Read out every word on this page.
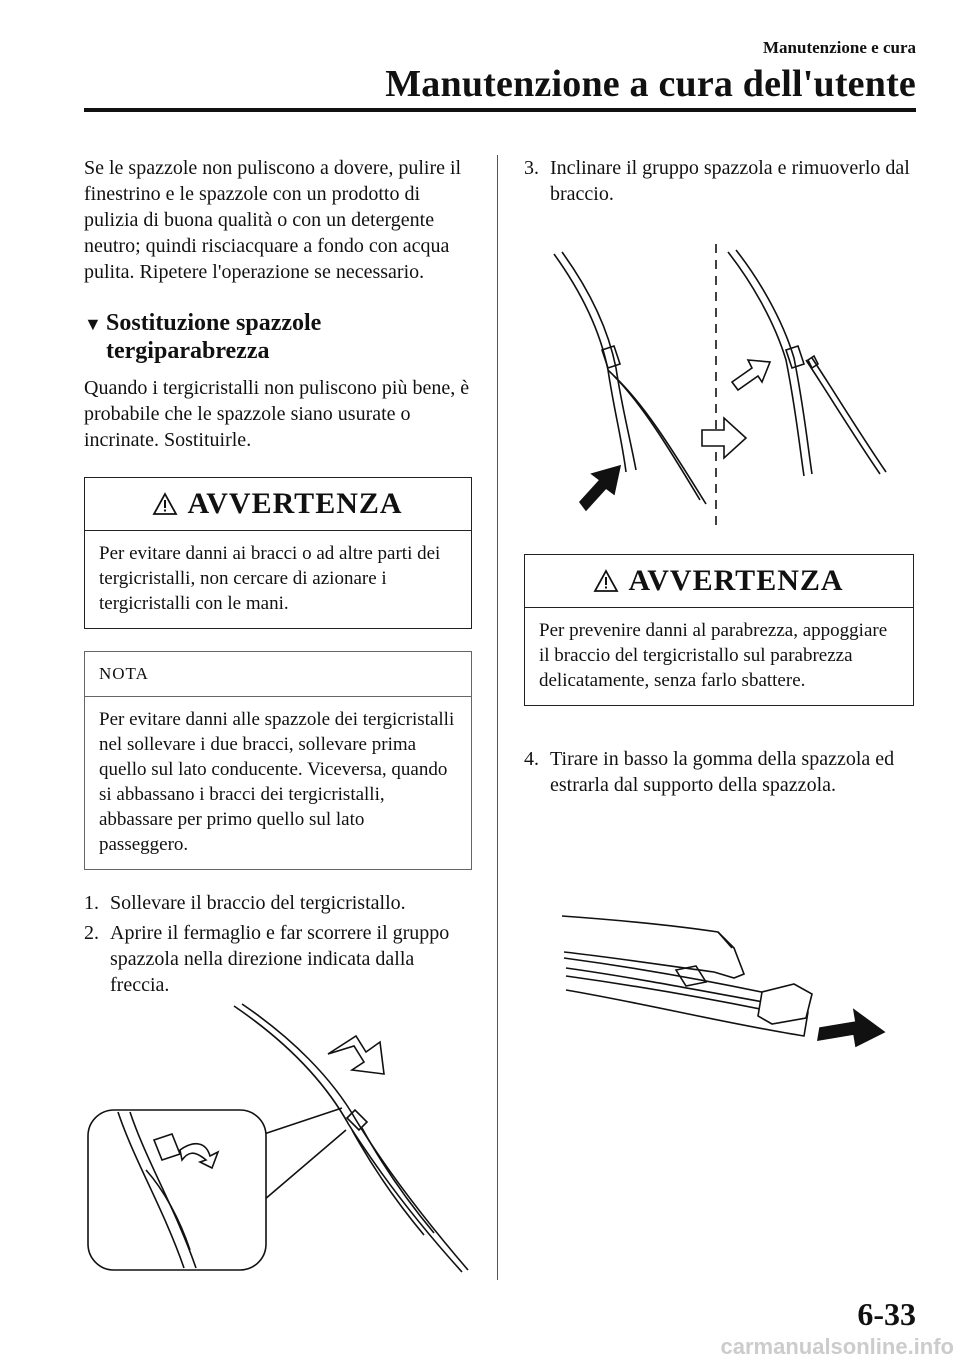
Manutenzione e cura
Manutenzione a cura dell'utente

Se le spazzole non puliscono a dovere, pulire il finestrino e le spazzole con un prodotto di pulizia di buona qualità o con un detergente neutro; quindi risciacquare a fondo con acqua pulita. Ripetere l'operazione se necessario.

▼ Sostituzione spazzole tergiparabrezza

Quando i tergicristalli non puliscono più bene, è probabile che le spazzole siano usurate o incrinate. Sostituirle.

AVVERTENZA
Per evitare danni ai bracci o ad altre parti dei tergicristalli, non cercare di azionare i tergicristalli con le mani.
NOTA
Per evitare danni alle spazzole dei tergicristalli nel sollevare i due bracci, sollevare prima quello sul lato conducente. Viceversa, quando si abbassano i bracci dei tergicristalli, abbassare per primo quello sul lato passeggero.
1. Sollevare il braccio del tergicristallo.
2. Aprire il fermaglio e far scorrere il gruppo spazzola nella direzione indicata dalla freccia.
3. Inclinare il gruppo spazzola e rimuoverlo dal braccio.
AVVERTENZA
Per prevenire danni al parabrezza, appoggiare il braccio del tergicristallo sul parabrezza delicatamente, senza farlo sbattere.
4. Tirare in basso la gomma della spazzola ed estrarla dal supporto della spazzola.
6-33
carmanualsonline.info
